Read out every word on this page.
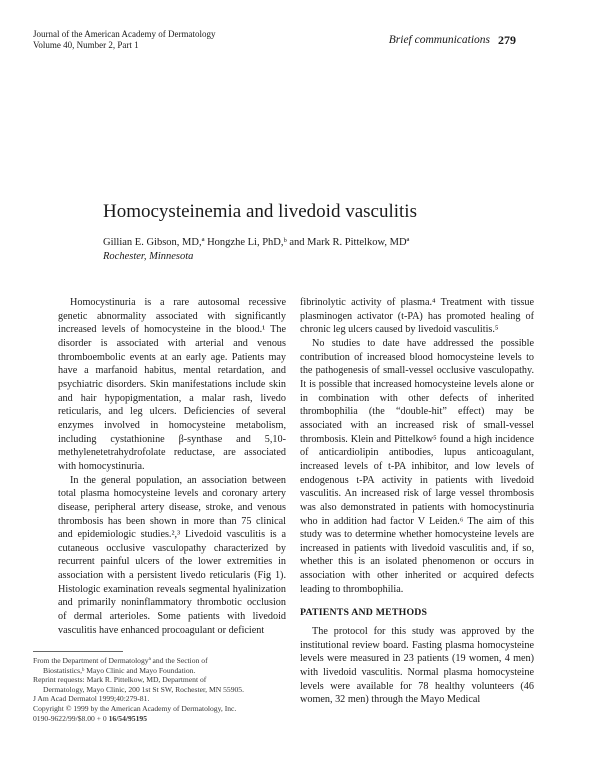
Journal of the American Academy of Dermatology
Volume 40, Number 2, Part 1	Brief communications 279
Homocysteinemia and livedoid vasculitis
Gillian E. Gibson, MD,ª Hongzhe Li, PhD,ᵇ and Mark R. Pittelkow, MDª
Rochester, Minnesota

Homocystinuria is a rare autosomal recessive genetic abnormality associated with significantly increased levels of homocysteine in the blood.¹ The disorder is associated with arterial and venous thromboembolic events at an early age. Patients may have a marfanoid habitus, mental retardation, and psychiatric disorders. Skin manifestations include skin and hair hypopigmentation, a malar rash, livedo reticularis, and leg ulcers. Deficiencies of several enzymes involved in homocysteine metabolism, including cystathionine β-synthase and 5,10-methylenetetrahydrofolate reductase, are associated with homocystinuria.

In the general population, an association between total plasma homocysteine levels and coronary artery disease, peripheral artery disease, stroke, and venous thrombosis has been shown in more than 75 clinical and epidemiologic studies.²,³ Livedoid vasculitis is a cutaneous occlusive vasculopathy characterized by recurrent painful ulcers of the lower extremities in association with a persistent livedo reticularis (Fig 1). Histologic examination reveals segmental hyalinization and primarily noninflammatory thrombotic occlusion of dermal arterioles. Some patients with livedoid vasculitis have enhanced procoagulant or deficient

fibrinolytic activity of plasma.⁴ Treatment with tissue plasminogen activator (t-PA) has promoted healing of chronic leg ulcers caused by livedoid vasculitis.⁵

No studies to date have addressed the possible contribution of increased blood homocysteine levels to the pathogenesis of small-vessel occlusive vasculopathy. It is possible that increased homocysteine levels alone or in combination with other defects of inherited thrombophilia (the “double-hit” effect) may be associated with an increased risk of small-vessel thrombosis. Klein and Pittelkow⁵ found a high incidence of anticardiolipin antibodies, lupus anticoagulant, increased levels of t-PA inhibitor, and low levels of endogenous t-PA activity in patients with livedoid vasculitis. An increased risk of large vessel thrombosis was also demonstrated in patients with homocystinuria who in addition had factor V Leiden.⁶ The aim of this study was to determine whether homocysteine levels are increased in patients with livedoid vasculitis and, if so, whether this is an isolated phenomenon or occurs in association with other inherited or acquired defects leading to thrombophilia.

PATIENTS AND METHODS

The protocol for this study was approved by the institutional review board. Fasting plasma homocysteine levels were measured in 23 patients (19 women, 4 men) with livedoid vasculitis. Normal plasma homocysteine levels were available for 78 healthy volunteers (46 women, 32 men) through the Mayo Medical

From the Department of Dermatologyª and the Section of
Biostatistics,ᵇ Mayo Clinic and Mayo Foundation.
Reprint requests: Mark R. Pittelkow, MD, Department of
Dermatology, Mayo Clinic, 200 1st St SW, Rochester, MN 55905.
J Am Acad Dermatol 1999;40:279-81.
Copyright © 1999 by the American Academy of Dermatology, Inc.
0190-9622/99/$8.00 + 0 16/54/95195
